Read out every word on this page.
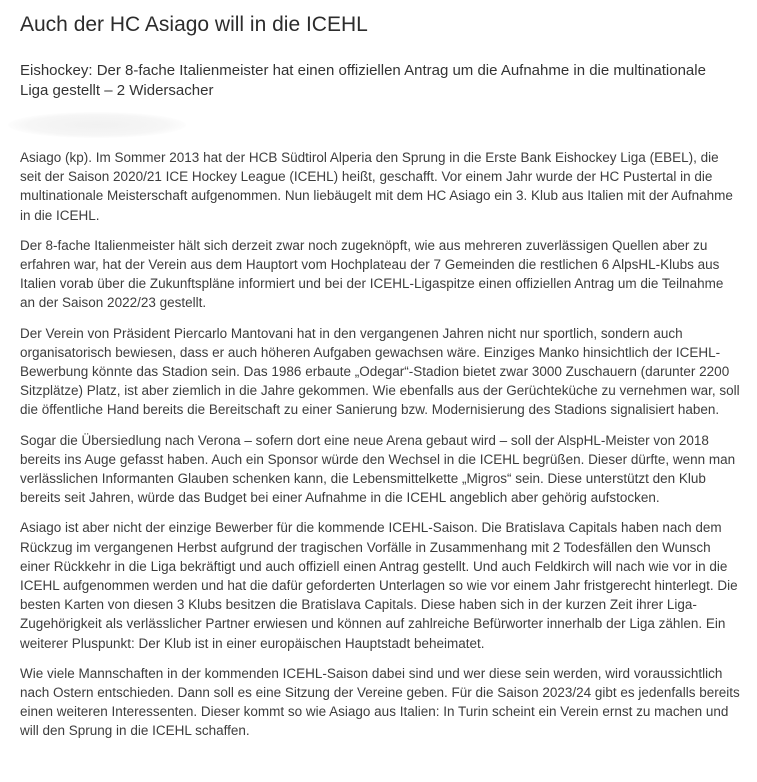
Auch der HC Asiago will in die ICEHL
Eishockey: Der 8-fache Italienmeister hat einen offiziellen Antrag um die Aufnahme in die multinationale Liga gestellt – 2 Widersacher

Asiago (kp). Im Sommer 2013 hat der HCB Südtirol Alperia den Sprung in die Erste Bank Eishockey Liga (EBEL), die seit der Saison 2020/21 ICE Hockey League (ICEHL) heißt, geschafft. Vor einem Jahr wurde der HC Pustertal in die multinationale Meisterschaft aufgenommen. Nun liebäugelt mit dem HC Asiago ein 3. Klub aus Italien mit der Aufnahme in die ICEHL.

Der 8-fache Italienmeister hält sich derzeit zwar noch zugeknöpft, wie aus mehreren zuverlässigen Quellen aber zu erfahren war, hat der Verein aus dem Hauptort vom Hochplateau der 7 Gemeinden die restlichen 6 AlpsHL-Klubs aus Italien vorab über die Zukunftspläne informiert und bei der ICEHL-Ligaspitze einen offiziellen Antrag um die Teilnahme an der Saison 2022/23 gestellt.

Der Verein von Präsident Piercarlo Mantovani hat in den vergangenen Jahren nicht nur sportlich, sondern auch organisatorisch bewiesen, dass er auch höheren Aufgaben gewachsen wäre. Einziges Manko hinsichtlich der ICEHL-Bewerbung könnte das Stadion sein. Das 1986 erbaute „Odegar“-Stadion bietet zwar 3000 Zuschauern (darunter 2200 Sitzplätze) Platz, ist aber ziemlich in die Jahre gekommen. Wie ebenfalls aus der Gerüchteküche zu vernehmen war, soll die öffentliche Hand bereits die Bereitschaft zu einer Sanierung bzw. Modernisierung des Stadions signalisiert haben.

Sogar die Übersiedlung nach Verona – sofern dort eine neue Arena gebaut wird – soll der AlspHL-Meister von 2018 bereits ins Auge gefasst haben. Auch ein Sponsor würde den Wechsel in die ICEHL begrüßen. Dieser dürfte, wenn man verlässlichen Informanten Glauben schenken kann, die Lebensmittelkette „Migros“ sein. Diese unterstützt den Klub bereits seit Jahren, würde das Budget bei einer Aufnahme in die ICEHL angeblich aber gehörig aufstocken.

Asiago ist aber nicht der einzige Bewerber für die kommende ICEHL-Saison. Die Bratislava Capitals haben nach dem Rückzug im vergangenen Herbst aufgrund der tragischen Vorfälle in Zusammenhang mit 2 Todesfällen den Wunsch einer Rückkehr in die Liga bekräftigt und auch offiziell einen Antrag gestellt. Und auch Feldkirch will nach wie vor in die ICEHL aufgenommen werden und hat die dafür geforderten Unterlagen so wie vor einem Jahr fristgerecht hinterlegt. Die besten Karten von diesen 3 Klubs besitzen die Bratislava Capitals. Diese haben sich in der kurzen Zeit ihrer Liga-Zugehörigkeit als verlässlicher Partner erwiesen und können auf zahlreiche Befürworter innerhalb der Liga zählen. Ein weiterer Pluspunkt: Der Klub ist in einer europäischen Hauptstadt beheimatet.

Wie viele Mannschaften in der kommenden ICEHL-Saison dabei sind und wer diese sein werden, wird voraussichtlich nach Ostern entschieden. Dann soll es eine Sitzung der Vereine geben. Für die Saison 2023/24 gibt es jedenfalls bereits einen weiteren Interessenten. Dieser kommt so wie Asiago aus Italien: In Turin scheint ein Verein ernst zu machen und will den Sprung in die ICEHL schaffen.
